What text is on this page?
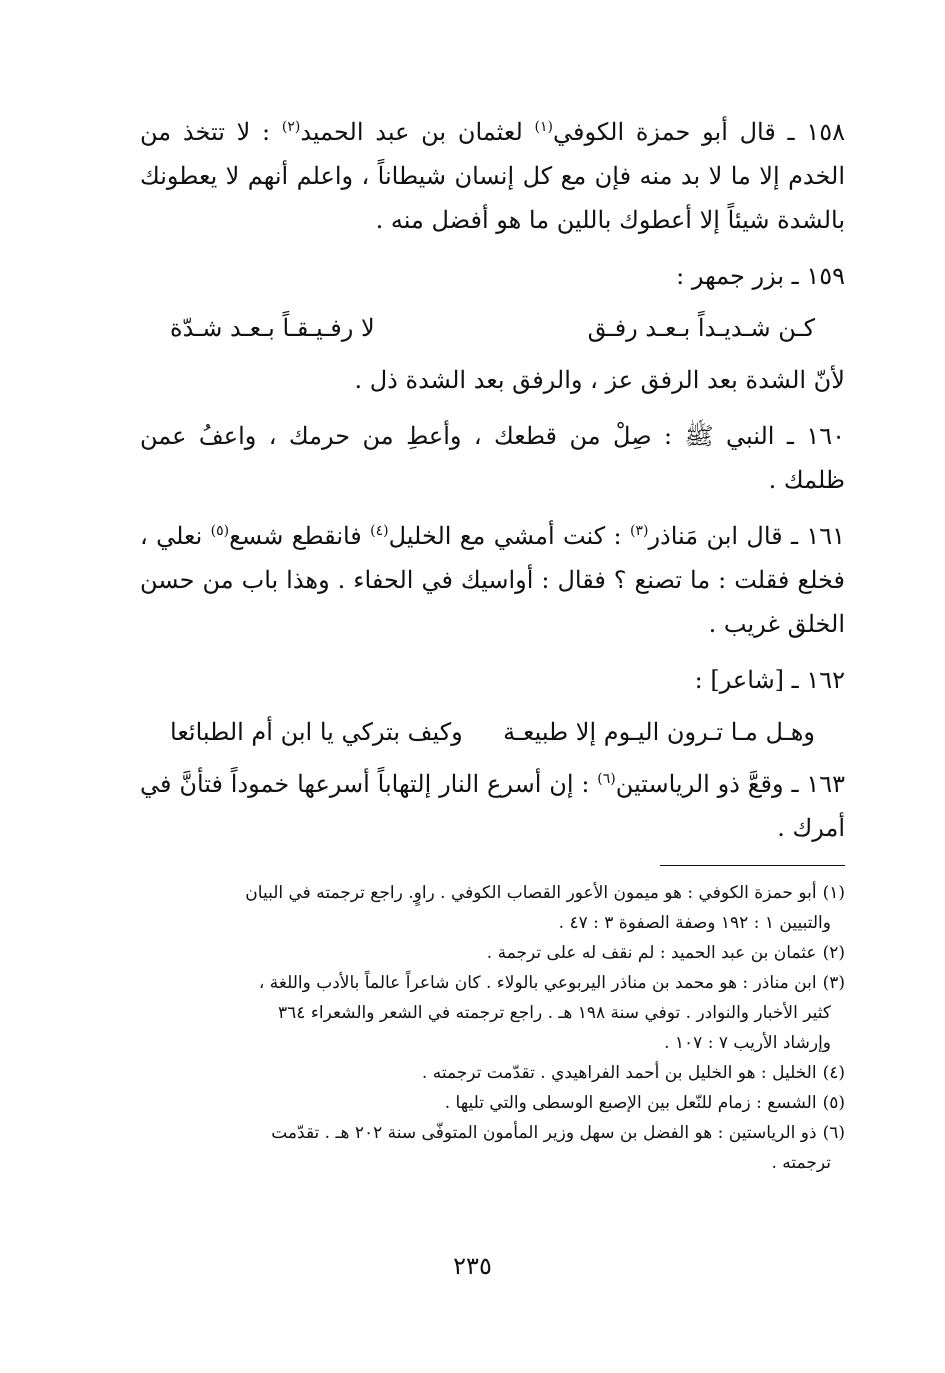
١٥٨ ـ قال أبو حمزة الكوفي$^{(١)}$ لعثمان بن عبد الحميد$^{(٢)}$ : لا تتخذ من الخدم إلا ما لا بد منه فإن مع كل إنسان شيطاناً ، واعلم أنهم لا يعطونك بالشدة شيئاً إلا أعطوك باللين ما هو أفضل منه .

١٥٩ ـ بزر جمهر :

كـن شـديـداً بـعـد رفـق
لا رفـيـقـاً بـعـد شـدّة

لأنّ الشدة بعد الرفق عز ، والرفق بعد الشدة ذل .

١٦٠ ـ النبي ﷺ : صِلْ من قطعك ، وأعطِ من حرمك ، واعفُ عمن ظلمك .

١٦١ ـ قال ابن مَناذر$^{(٣)}$ : كنت أمشي مع الخليل$^{(٤)}$ فانقطع شسع$^{(٥)}$ نعلي ، فخلع فقلت : ما تصنع ؟ فقال : أواسيك في الحفاء . وهذا باب من حسن الخلق غريب .

١٦٢ ـ [شاعر] :

وهـل مـا تـرون اليـوم إلا طبيعـة
وكيف بتركي يا ابن أم الطبائعا

١٦٣ ـ وقعَّ ذو الرياستين$^{(٦)}$ : إن أسرع النار إلتهاباً أسرعها خموداً فتأنَّ في أمرك .

(١)أبو حمزة الكوفي : هو ميمون الأعور القصاب الكوفي . راوٍ. راجع ترجمته في البيان
والتبيين ١ : ١٩٢ وصفة الصفوة ٣ : ٤٧ .

(٢)عثمان بن عبد الحميد : لم نقف له على ترجمة .

(٣)ابن مناذر : هو محمد بن مناذر اليربوعي بالولاء . كان شاعراً عالماً بالأدب واللغة ،
كثير الأخبار والنوادر . توفي سنة ١٩٨ هـ . راجع ترجمته في الشعر والشعراء ٣٦٤
وإرشاد الأريب ٧ : ١٠٧ .

(٤)الخليل : هو الخليل بن أحمد الفراهيدي . تقدّمت ترجمته .

(٥)الشسع : زمام للنّعل بين الإصبع الوسطى والتي تليها .

(٦)ذو الرياستين : هو الفضل بن سهل وزير المأمون المتوفّى سنة ٢٠٢ هـ . تقدّمت
ترجمته .

٢٣٥
